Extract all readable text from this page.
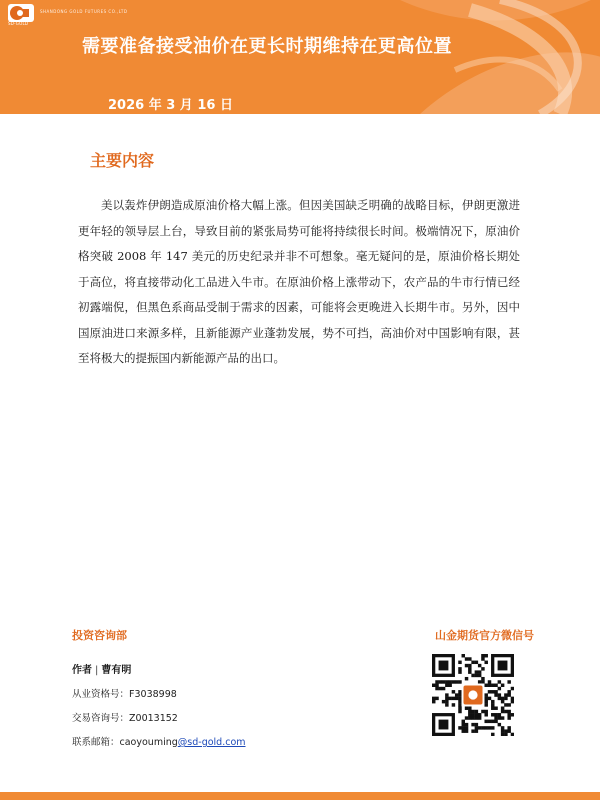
SD-GOLD
SHANDONG GOLD FUTURES CO.,LTD
需要准备接受油价在更长时期维持在更高位置
2026 年 3 月 16 日
主要内容

美以轰炸伊朗造成原油价格大幅上涨。但因美国缺乏明确的战略目标，伊朗更激进更年轻的领导层上台，导致目前的紧张局势可能将持续很长时间。极端情况下，原油价格突破 2008 年 147 美元的历史纪录并非不可想象。毫无疑问的是，原油价格长期处于高位，将直接带动化工品进入牛市。在原油价格上涨带动下，农产品的牛市行情已经初露端倪，但黑色系商品受制于需求的因素，可能将会更晚进入长期牛市。另外，因中国原油进口来源多样，且新能源产业蓬勃发展，势不可挡，高油价对中国影响有限，甚至将极大的提振国内新能源产品的出口。

投资咨询部	山金期货官方微信号
作者 | 曹有明
从业资格号：F3038998
交易咨询号：Z0013152
联系邮箱：caoyouming@sd-gold.com
